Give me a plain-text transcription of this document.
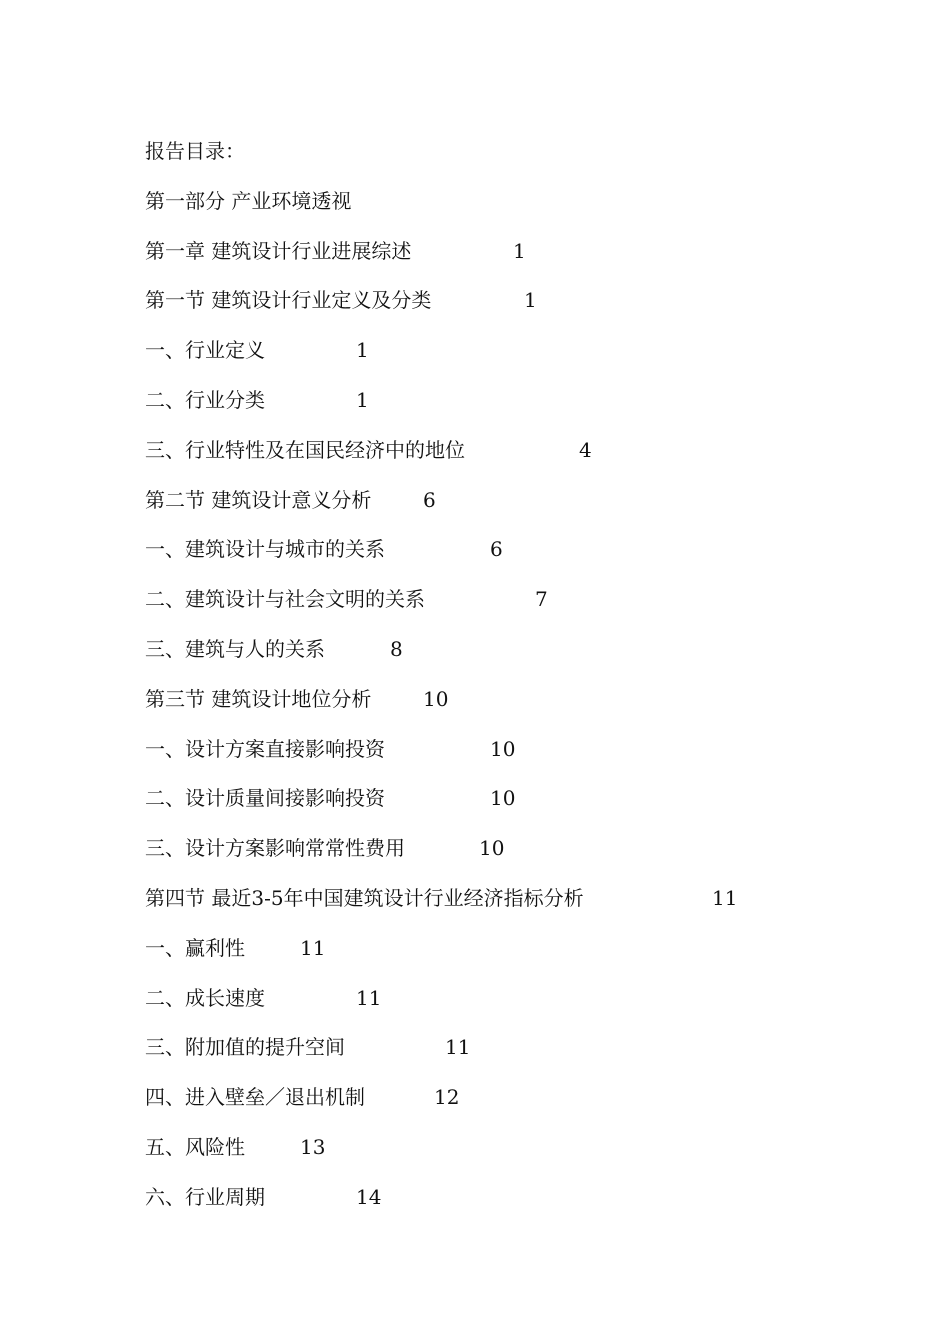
报告目录：
第一部分 产业环境透视
第一章 建筑设计行业进展综述	1
第一节 建筑设计行业定义及分类	1
一、行业定义	1
二、行业分类	1
三、行业特性及在国民经济中的地位	4
第二节 建筑设计意义分析	6
一、建筑设计与城市的关系	6
二、建筑设计与社会文明的关系	7
三、建筑与人的关系	8
第三节 建筑设计地位分析	10
一、设计方案直接影响投资	10
二、设计质量间接影响投资	10
三、设计方案影响常常性费用	10
第四节 最近3-5年中国建筑设计行业经济指标分析	11
一、赢利性	11
二、成长速度	11
三、附加值的提升空间	11
四、进入壁垒／退出机制	12
五、风险性	13
六、行业周期	14
